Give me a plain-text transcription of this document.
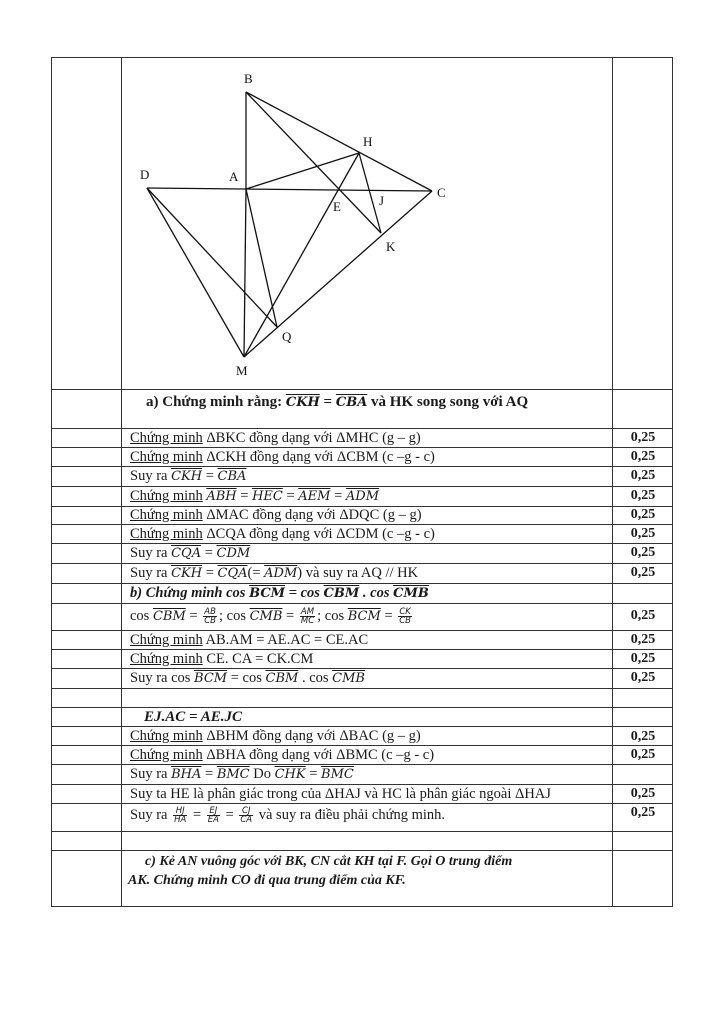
B
A
D
C
H
E	J
K
Q
M
a) Chứng minh rằng: $\overline{CKH} = \overline{CBA}$ và HK song song với AQ
Chứng minh ΔBKC đồng dạng với ΔMHC (g – g)	0,25
Chứng minh ΔCKH đồng dạng với ΔCBM (c –g - c)	0,25
Suy ra $\overline{CKH} = \overline{CBA}$	0,25
Chứng minh $\overline{ABH} = \overline{HEC} = \overline{AEM} = \overline{ADM}$	0,25
Chứng minh ΔMAC đồng dạng với ΔDQC (g – g)	0,25
Chứng minh ΔCQA đồng dạng với ΔCDM (c –g - c)	0,25
Suy ra $\overline{CQA} = \overline{CDM}$	0,25
Suy ra $\overline{CKH} = \overline{CQA}(= \overline{ADM})$ và suy ra AQ // HK	0,25
b) Chứng minh $\cos \overline{BCM} = \cos \overline{CBM}$ . $\cos \overline{CMB}$
$\cos \overline{CBM} = \frac{AB}{CB}$ ; $\cos \overline{CMB} = \frac{AM}{MC}$ ; $\cos \overline{BCM} = \frac{CK}{CB}$	0,25
Chứng minh AB.AM = AE.AC = CE.AC	0,25
Chứng minh CE. CA = CK.CM	0,25
Suy ra $\cos \overline{BCM} = \cos \overline{CBM}$ . $\cos \overline{CMB}$	0,25
EJ.AC = AE.JC
Chứng minh ΔBHM đồng dạng với ΔBAC (g – g)	0,25
Chứng minh ΔBHA đồng dạng với ΔBMC (c –g - c)	0,25
Suy ra $\overline{BHA} = \overline{BMC}$ Do $\overline{CHK} = \overline{BMC}$
Suy ta HE là phân giác trong của ΔHAJ và HC là phân giác ngoài ΔHAJ	0,25
Suy ra $\frac{HJ}{HA} = \frac{EJ}{EA} = \frac{CJ}{CA}$ và suy ra điều phải chứng minh.	0,25
c) Kẻ AN vuông góc với BK, CN cắt KH tại F. Gọi O trung điểm
AK. Chứng minh CO đi qua trung điểm của KF.
